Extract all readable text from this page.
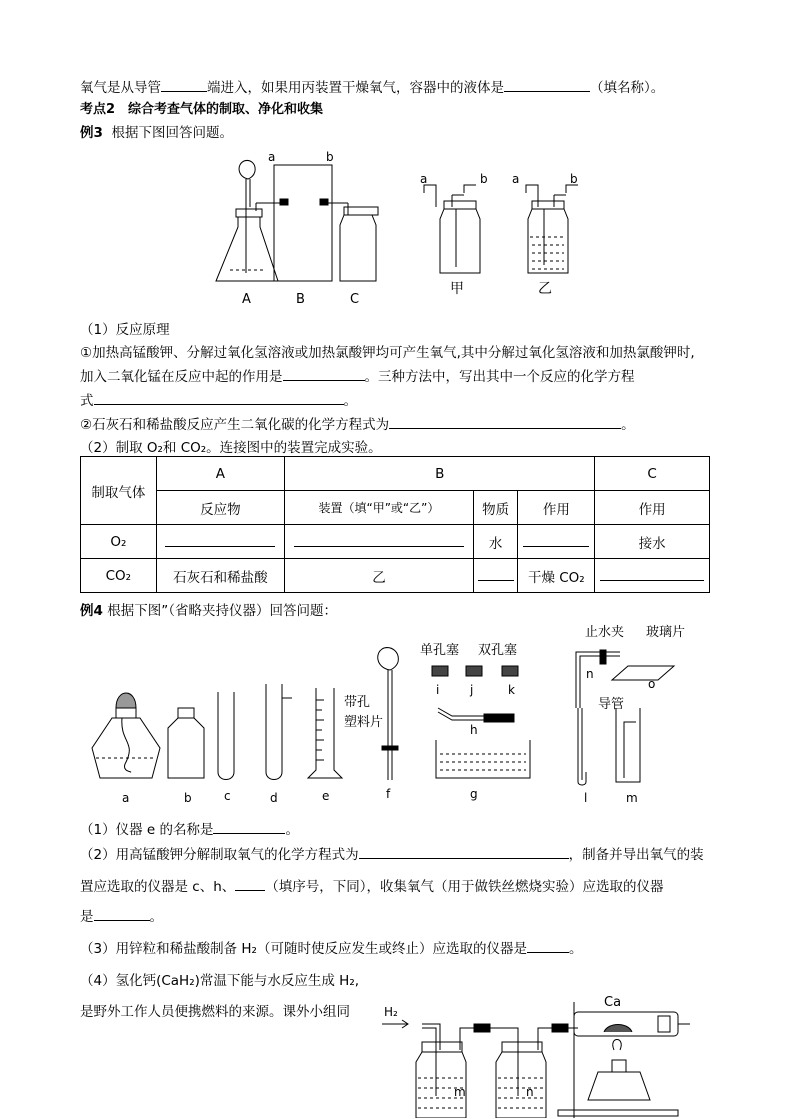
氧气是从导管	端进入，如果用丙装置干燥氧气，容器中的液体是	（填名称）。
考点2　综合考查气体的制取、净化和收集
例3 根据下图回答问题。
a	b
A	B	C
a	b a	b
甲	乙
（1）反应原理
①加热高锰酸钾、分解过氧化氢溶液或加热氯酸钾均可产生氧气,其中分解过氧化氢溶液和加热氯酸钾时,
加入二氧化锰在反应中起的作用是	。三种方法中，写出其中一个反应的化学方程
式	。
②石灰石和稀盐酸反应产生二氧化碳的化学方程式为	。
（2）制取 O₂和 CO₂。连接图中的装置完成实验。
制取气体	A	B			C
	反应物	装置（填“甲”或“乙”）	物质	作用	作用
O₂			水		接水
CO₂	石灰石和稀盐酸	乙		干燥 CO₂	
例4 根据下图”（省略夹持仪器）回答问题：
止水夹 玻璃片
单孔塞 双孔塞
i	j	k
h
n
o
导管
带孔
塑料片
a	b	c	d	e	f	g	l	m
（1）仪器 e 的名称是	。
（2）用高锰酸钾分解制取氧气的化学方程式为	，制备并导出氧气的装
置应选取的仪器是 c、h、 （填序号，下同），收集氧气（用于做铁丝燃烧实验）应选取的仪器
是	。
（3）用锌粒和稀盐酸制备 H₂（可随时使反应发生或终止）应选取的仪器是	。
（4）氢化钙(CaH₂)常温下能与水反应生成 H₂,
是野外工作人员便携燃料的来源。课外小组同	H₂
Ca
m	n
